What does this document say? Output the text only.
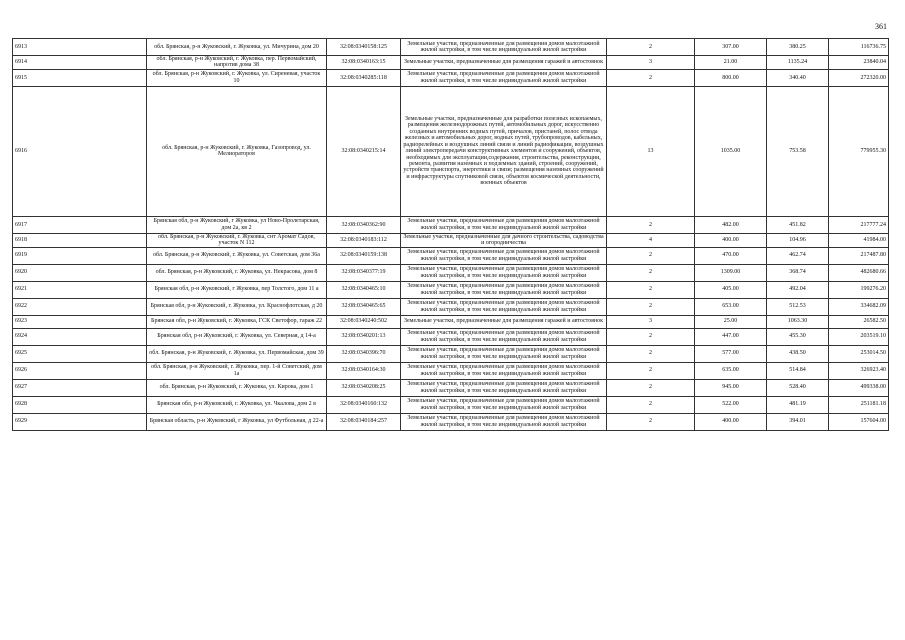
361
6913	обл. Брянская, р-н Жуковский, г. Жуковка, ул. Мичурина, дом 20	32:08:0340158:125	Земельные участки, предназначенные для размещения домов малоэтажной жилой застройки, в том числе индивидуальной жилой застройки	2	307.00	380.25	116736.75
6914	обл. Брянская, р-н Жуковский, г. Жуковка, пер. Первомайский, напротив дома 38	32:08:0340163:15	Земельные участки, предназначенные для размещения гаражей и автостоянок	3	21.00	1135.24	23840.04
6915	обл. Брянская, р-н Жуковский, г. Жуковка, ул. Сиреневая, участок 10	32:08:0340285:118	Земельные участки, предназначенные для размещения домов малоэтажной жилой застройки, в том числе индивидуальной жилой застройки	2	800.00	340.40	272320.00
6916	обл. Брянская, р-н Жуковский, г. Жуковка, Газопровод, ул. Мелиораторов	32:08:0340215:14	Земельные участки, предназначенные для разработки полезных ископаемых, размещения железнодорожных путей, автомобильных дорог, искусственно созданных внутренних водных путей, причалов, пристаней, полос отвода железных и автомобильных дорог, водных путей, трубопроводов, кабельных, радиорелейных и воздушных линий связи и линий радиофикации, воздушных линий электропередачи конструктивных элементов и сооружений, объектов, необходимых для эксплуатации,содержания, строительства, реконструкции, ремонта, развития наземных и подземных зданий, строений, сооружений, устройств транспорта, энергетики и связи; размещения наземных сооружений и инфраструктуры спутниковой связи, объектов космической деятельности, военных объектов	13	1035.00	753.58	779955.30
6917	Брянская обл, р-н Жуковский, г Жуковка, ул Ново-Пролетарская, дом 2а, кв 2	32:08:0340362:90	Земельные участки, предназначенные для размещения домов малоэтажной жилой застройки, в том числе индивидуальной жилой застройки	2	482.00	451.82	217777.24
6918	обл. Брянская, р-н Жуковский, г. Жуковка, снт Аромат Садов, участок N 112	32:08:0340183:112	Земельные участки, предназначенные для дачного строительства, садоводства и огородничества	4	400.00	104.96	41984.00
6919	обл. Брянская, р-н Жуковский, г. Жуковка, ул. Советская, дом 36а	32:08:0340159:138	Земельные участки, предназначенные для размещения домов малоэтажной жилой застройки, в том числе индивидуальной жилой застройки	2	470.00	462.74	217487.80
6920	обл. Брянская, р-н Жуковский, г. Жуковка, ул. Некрасова, дом 8	32:08:0340377:19	Земельные участки, предназначенные для размещения домов малоэтажной жилой застройки, в том числе индивидуальной жилой застройки	2	1309.00	368.74	482680.66
6921	Брянская обл, р-н Жуковский, г Жуковка, пер Толстого, дом 11 а	32:08:0340465:10	Земельные участки, предназначенные для размещения домов малоэтажной жилой застройки, в том числе индивидуальной жилой застройки	2	405.00	492.04	199276.20
6922	Брянская обл, р-н Жуковский, г. Жуковка, ул. Краснофлотская, д 20	32:08:0340465:65	Земельные участки, предназначенные для размещения домов малоэтажной жилой застройки, в том числе индивидуальной жилой застройки	2	653.00	512.53	334682.09
6923	Брянская обл, р-н Жуковский, г. Жуковка, ГСК Светофор, гараж 22	32:08:0340240:502	Земельные участки, предназначенные для размещения гаражей и автостоянок	3	25.00	1063.30	26582.50
6924	Брянская обл, р-н Жуковский, г. Жуковка, ул. Северная, д 14-а	32:08:0340201:13	Земельные участки, предназначенные для размещения домов малоэтажной жилой застройки, в том числе индивидуальной жилой застройки	2	447.00	455.30	203519.10
6925	обл. Брянская, р-н Жуковский, г. Жуковка, ул. Первомайская, дом 39	32:08:0340396:70	Земельные участки, предназначенные для размещения домов малоэтажной жилой застройки, в том числе индивидуальной жилой застройки	2	577.00	438.50	253014.50
6926	обл. Брянская, р-н Жуковский, г. Жуковка, пер. 1-й Советский, дом 1а	32:08:0340164:30	Земельные участки, предназначенные для размещения домов малоэтажной жилой застройки, в том числе индивидуальной жилой застройки	2	635.00	514.84	326923.40
6927	обл. Брянская, р-н Жуковский, г. Жуковка, ул. Кирова, дом 1	32:08:0340208:25	Земельные участки, предназначенные для размещения домов малоэтажной жилой застройки, в том числе индивидуальной жилой застройки	2	945.00	528.40	499338.00
6928	Брянская обл, р-н Жуковский, г. Жуковка, ул. Чкалова, дом 2 в	32:08:0340160:132	Земельные участки, предназначенные для размещения домов малоэтажной жилой застройки, в том числе индивидуальной жилой застройки	2	522.00	481.19	251181.18
6929	Брянская область, р-н Жуковский, г Жуковка, ул Футбольная, д 22-а	32:08:0340184:257	Земельные участки, предназначенные для размещения домов малоэтажной жилой застройки, в том числе индивидуальной жилой застройки	2	400.00	394.01	157604.00
